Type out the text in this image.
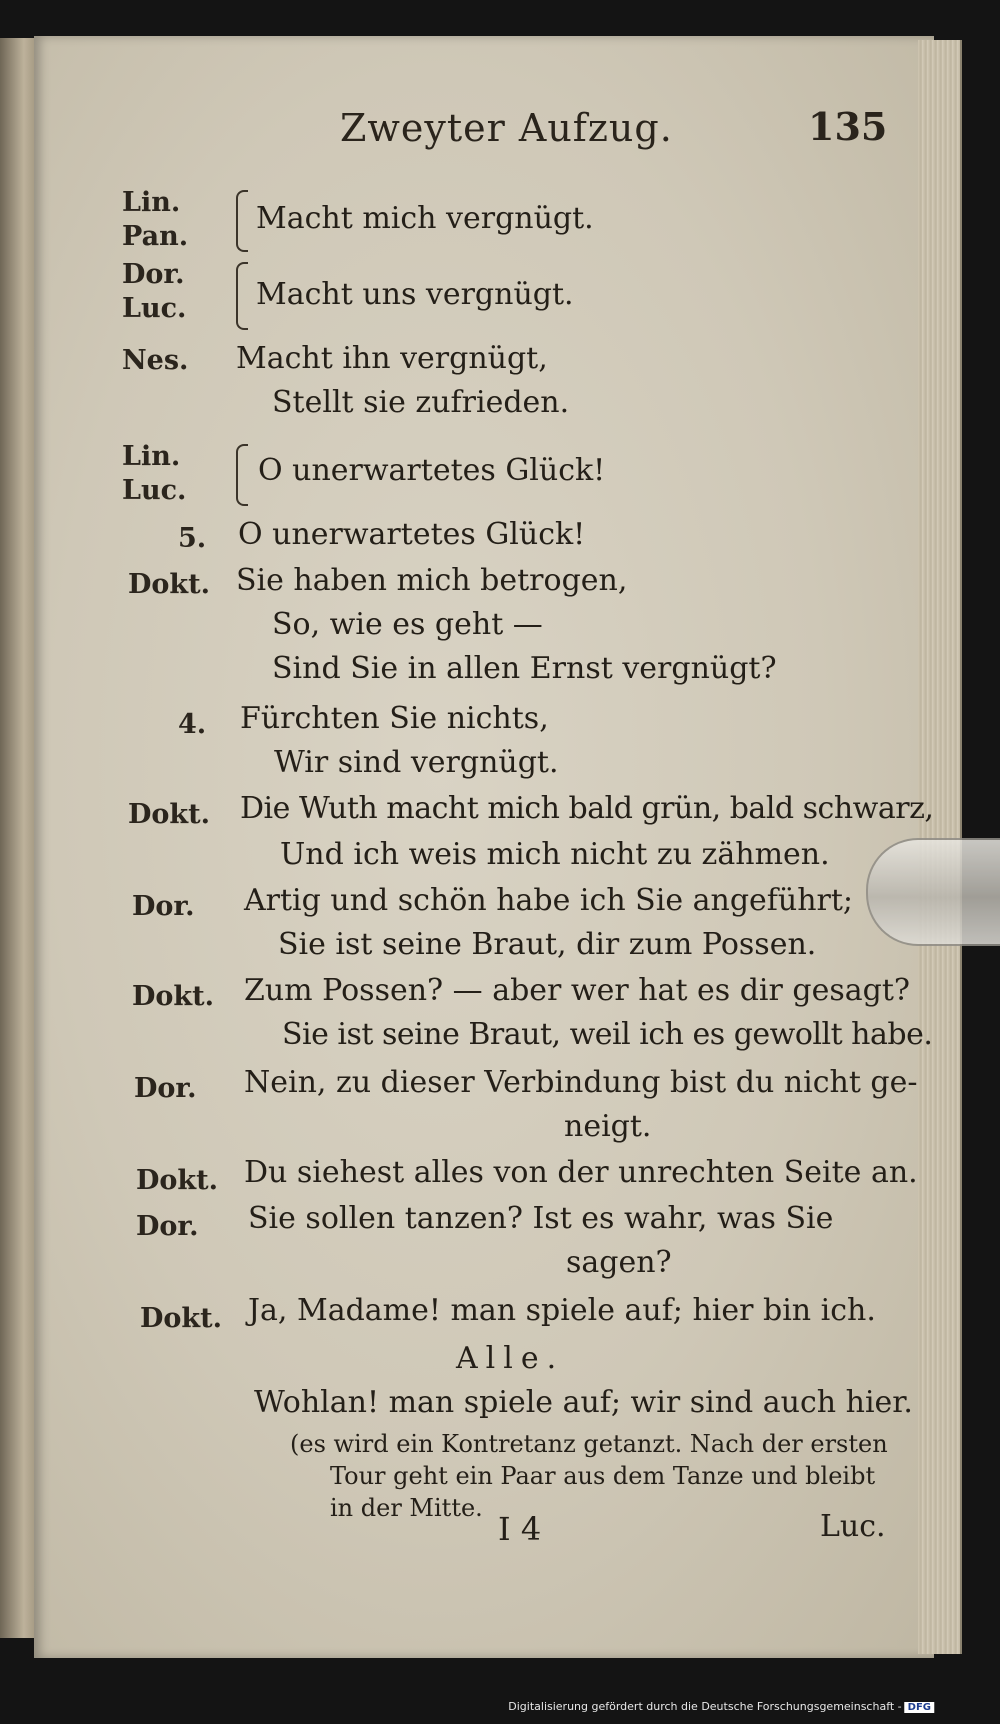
Zweyter Aufzug.	135
Lin.
Pan.
Macht mich vergnügt.
Dor.
Luc. Macht uns vergnügt.
Nes. Macht ihn vergnügt,
Stellt sie zufrieden.
Lin.
Luc.
O unerwartetes Glück!
5. O unerwartetes Glück!
Dokt. Sie haben mich betrogen,
So, wie es geht —
Sind Sie in allen Ernst vergnügt?
4. Fürchten Sie nichts,
Wir sind vergnügt.
Dokt. Die Wuth macht mich bald grün, bald schwarz,
Und ich weis mich nicht zu zähmen.
Dor. Artig und schön habe ich Sie angeführt;
Sie ist seine Braut, dir zum Possen.
Dokt. Zum Possen? — aber wer hat es dir gesagt?
Sie ist seine Braut, weil ich es gewollt habe.
Dor. Nein, zu dieser Verbindung bist du nicht ge-
neigt.
Dokt. Du siehest alles von der unrechten Seite an.
Dor. Sie sollen tanzen? Ist es wahr, was Sie
sagen?
Dokt. Ja, Madame! man spiele auf; hier bin ich.
Alle.
Wohlan! man spiele auf; wir sind auch hier.
(es wird ein Kontretanz getanzt. Nach der ersten
Tour geht ein Paar aus dem Tanze und bleibt
in der Mitte.
I 4	Luc.
Digitalisierung gefördert durch die Deutsche Forschungsgemeinschaft - DFG
